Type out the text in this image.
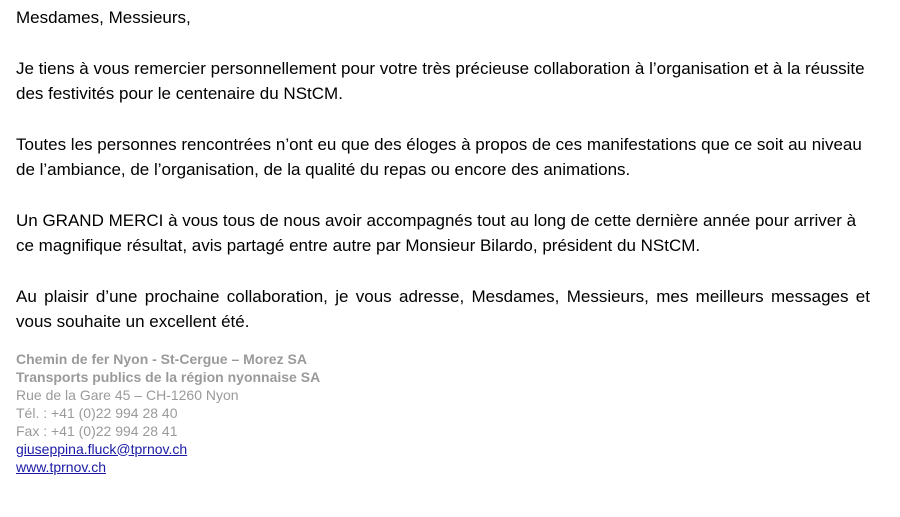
Mesdames, Messieurs,

Je tiens à vous remercier personnellement pour votre très précieuse collaboration à l’organisation et à la réussite des festivités pour le centenaire du NStCM.

Toutes les personnes rencontrées n’ont eu que des éloges à propos de ces manifestations que ce soit au niveau de l’ambiance, de l’organisation, de la qualité du repas ou encore des animations.

Un GRAND MERCI à vous tous de nous avoir accompagnés tout au long de cette dernière année pour arriver à ce magnifique résultat, avis partagé entre autre par Monsieur Bilardo, président du NStCM.

Au plaisir d’une prochaine collaboration, je vous adresse, Mesdames, Messieurs, mes meilleurs messages et vous souhaite un excellent été.

Chemin de fer Nyon - St-Cergue – Morez SA
Transports publics de la région nyonnaise SA
Rue de la Gare 45 – CH-1260 Nyon
Tél. : +41 (0)22 994 28 40
Fax : +41 (0)22 994 28 41
giuseppina.fluck@tprnov.ch
www.tprnov.ch
